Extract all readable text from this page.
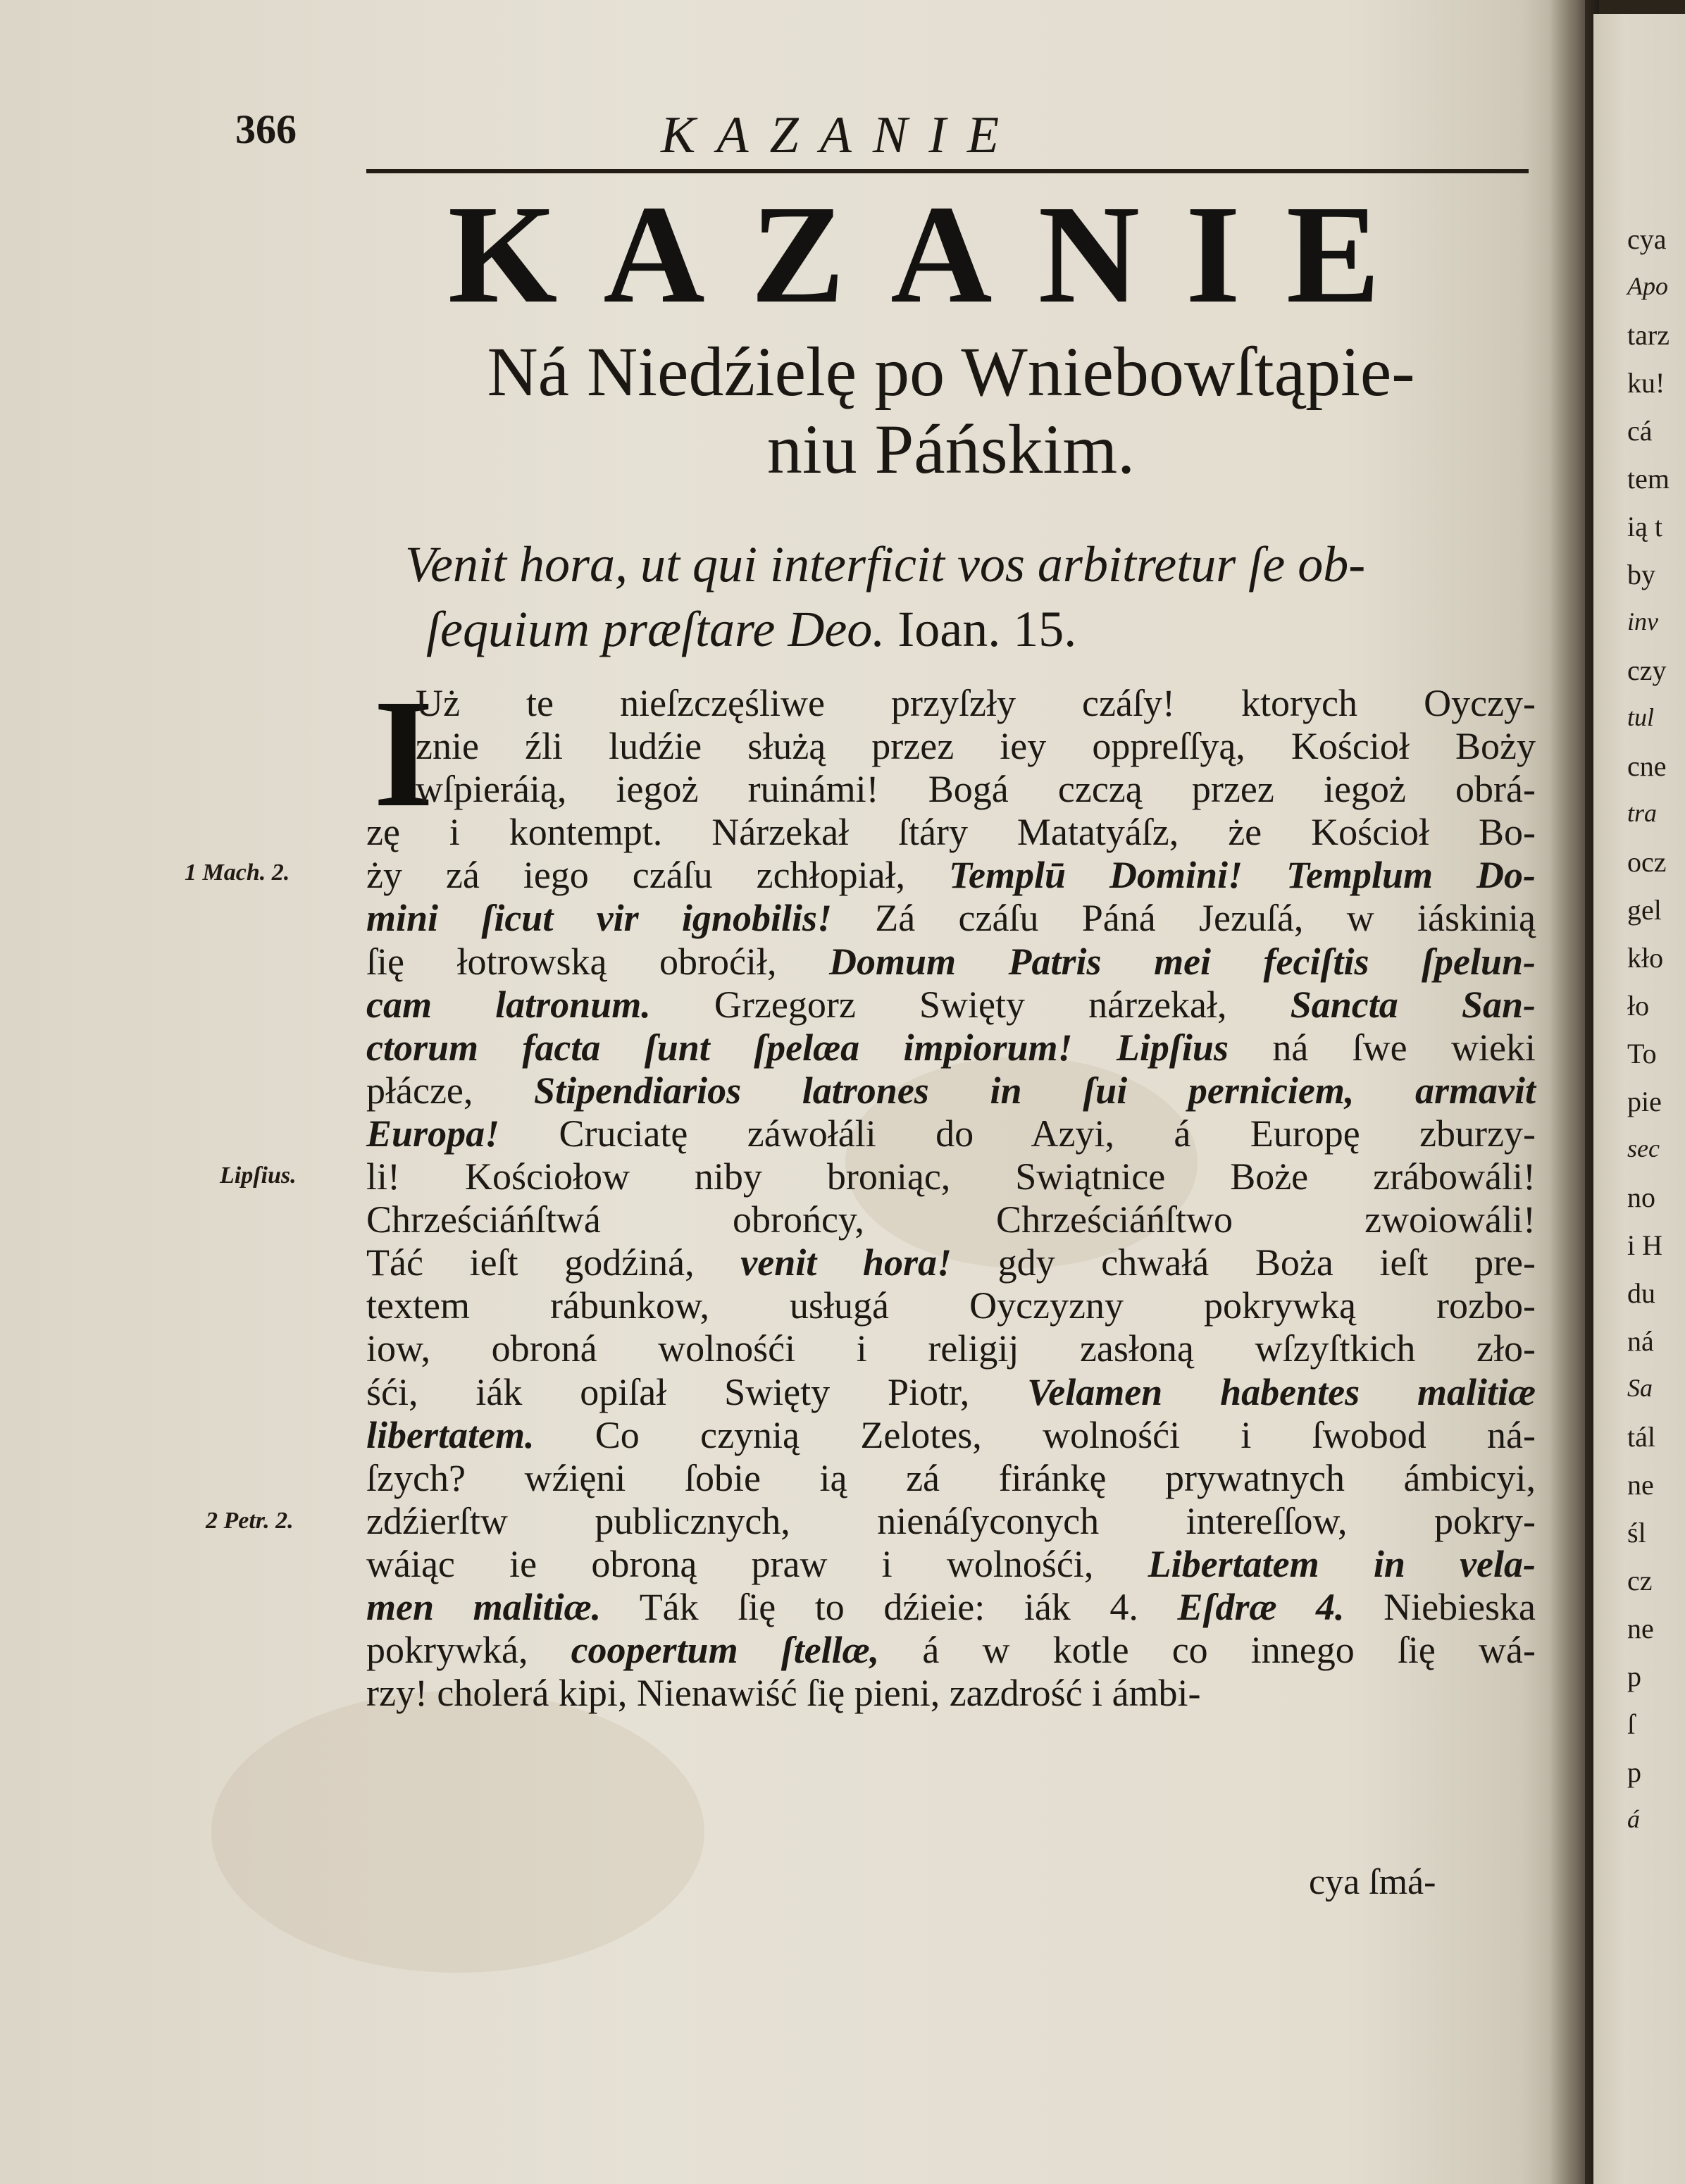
cya
Apo
tarz
ku!
cá
tem
ią t
by
inv
czy
tul
cne
tra
ocz
gel
kło
ło
To
pie
sec
no
i H
du
ná
Sa
tál
ne
śl
cz
ne
p
ſ
p
á
366	KAZANIE
KAZANIE
Ná Niedźielę po Wniebowſtąpie-
niu Páńskim.
Venit hora, ut qui interficit vos arbitretur ſe ob-
ſequium præſtare Deo. Ioan. 15.
I
Uż te nieſzczęśliwe przyſzły czáſy! ktorych Oyczy-
znie źli ludźie służą przez iey oppreſſyą, Kościoł Boży
wſpieráią, iegoż ruinámi! Bogá czczą przez iegoż obrá-
zę i kontempt. Nárzekał ſtáry Matatyáſz, że Kościoł Bo-
ży zá iego czáſu zchłopiał, Templū Domini! Templum Do-
mini ſicut vir ignobilis! Zá czáſu Páná Jezuſá, w iáskinią
ſię łotrowską obroćił, Domum Patris mei feciſtis ſpelun-
cam latronum. Grzegorz Swięty nárzekał, Sancta San-
ctorum facta ſunt ſpelæa impiorum! Lipſius ná ſwe wieki
płácze, Stipendiarios latrones in ſui perniciem, armavit
Europa! Cruciatę záwołáli do Azyi, á Europę zburzy-
li! Kościołow niby broniąc, Swiątnice Boże zrábowáli!
Chrześciáńſtwá obrońcy, Chrześciáńſtwo zwoiowáli!
Táć ieſt godźiná, venit hora! gdy chwałá Boża ieſt pre-
textem rábunkow, usługá Oyczyzny pokrywką rozbo-
iow, obroná wolnośći i religij zasłoną wſzyſtkich zło-
śći, iák opiſał Swięty Piotr, Velamen habentes malitiæ
libertatem. Co czynią Zelotes, wolnośći i ſwobod ná-
ſzych? wźięni ſobie ią zá firánkę prywatnych ámbicyi,
zdźierſtw publicznych, nienáſyconych intereſſow, pokry-
wáiąc ie obroną praw i wolnośći, Libertatem in vela-
men malitiæ. Ták ſię to dźieie: iák 4. Eſdræ 4. Niebieska
pokrywká, coopertum ſtellæ, á w kotle co innego ſię wá-
rzy! cholerá kipi, Nienawiść ſię pieni, zazdrość i ámbi-
1 Mach. 2.
Lipſius.
2 Petr. 2.
cya ſmá-
